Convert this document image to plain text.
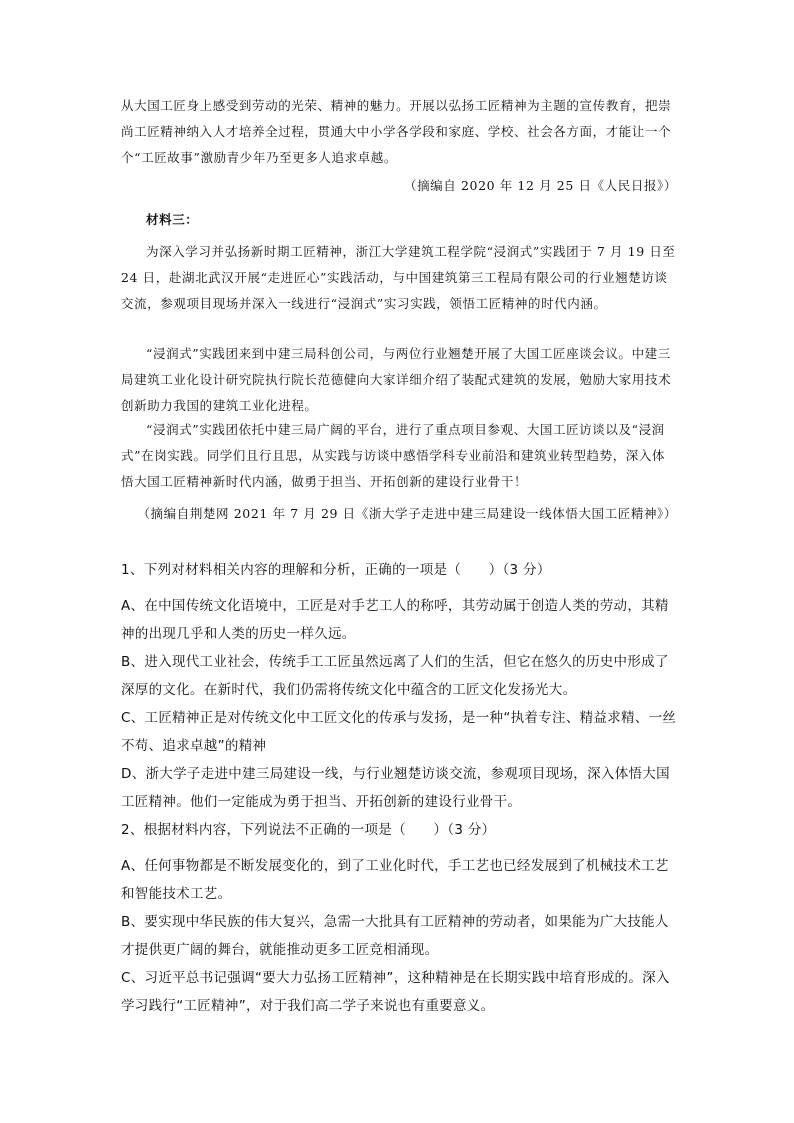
从大国工匠身上感受到劳动的光荣、精神的魅力。开展以弘扬工匠精神为主题的宣传教育，把崇尚工匠精神纳入人才培养全过程，贯通大中小学各学段和家庭、学校、社会各方面，才能让一个个“工匠故事”激励青少年乃至更多人追求卓越。

（摘编自 2020 年 12 月 25 日《人民日报》）

材料三：

为深入学习并弘扬新时期工匠精神，浙江大学建筑工程学院“浸润式”实践团于 7 月 19 日至 24 日，赴湖北武汉开展“走进匠心”实践活动，与中国建筑第三工程局有限公司的行业翘楚访谈交流，参观项目现场并深入一线进行“浸润式”实习实践，领悟工匠精神的时代内涵。

“浸润式”实践团来到中建三局科创公司，与两位行业翘楚开展了大国工匠座谈会议。中建三局建筑工业化设计研究院执行院长范德健向大家详细介绍了装配式建筑的发展，勉励大家用技术创新助力我国的建筑工业化进程。

“浸润式”实践团依托中建三局广阔的平台，进行了重点项目参观、大国工匠访谈以及“浸润式”在岗实践。同学们且行且思，从实践与访谈中感悟学科专业前沿和建筑业转型趋势，深入体悟大国工匠精神新时代内涵，做勇于担当、开拓创新的建设行业骨干！

（摘编自荆楚网 2021 年 7 月 29 日《浙大学子走进中建三局建设一线体悟大国工匠精神》）

1、下列对材料相关内容的理解和分析，正确的一项是（　　）（3 分）

A、在中国传统文化语境中，工匠是对手艺工人的称呼，其劳动属于创造人类的劳动，其精神的出现几乎和人类的历史一样久远。

B、进入现代工业社会，传统手工工匠虽然远离了人们的生活，但它在悠久的历史中形成了深厚的文化。在新时代，我们仍需将传统文化中蕴含的工匠文化发扬光大。

C、工匠精神正是对传统文化中工匠文化的传承与发扬，是一种“执着专注、精益求精、一丝不苟、追求卓越”的精神

D、浙大学子走进中建三局建设一线，与行业翘楚访谈交流，参观项目现场，深入体悟大国工匠精神。他们一定能成为勇于担当、开拓创新的建设行业骨干。

2、根据材料内容，下列说法不正确的一项是（　　）（3 分）

A、任何事物都是不断发展变化的，到了工业化时代，手工艺也已经发展到了机械技术工艺和智能技术工艺。

B、要实现中华民族的伟大复兴，急需一大批具有工匠精神的劳动者，如果能为广大技能人才提供更广阔的舞台，就能推动更多工匠竞相涌现。

C、习近平总书记强调“要大力弘扬工匠精神”，这种精神是在长期实践中培育形成的。深入学习践行“工匠精神”，对于我们高二学子来说也有重要意义。
